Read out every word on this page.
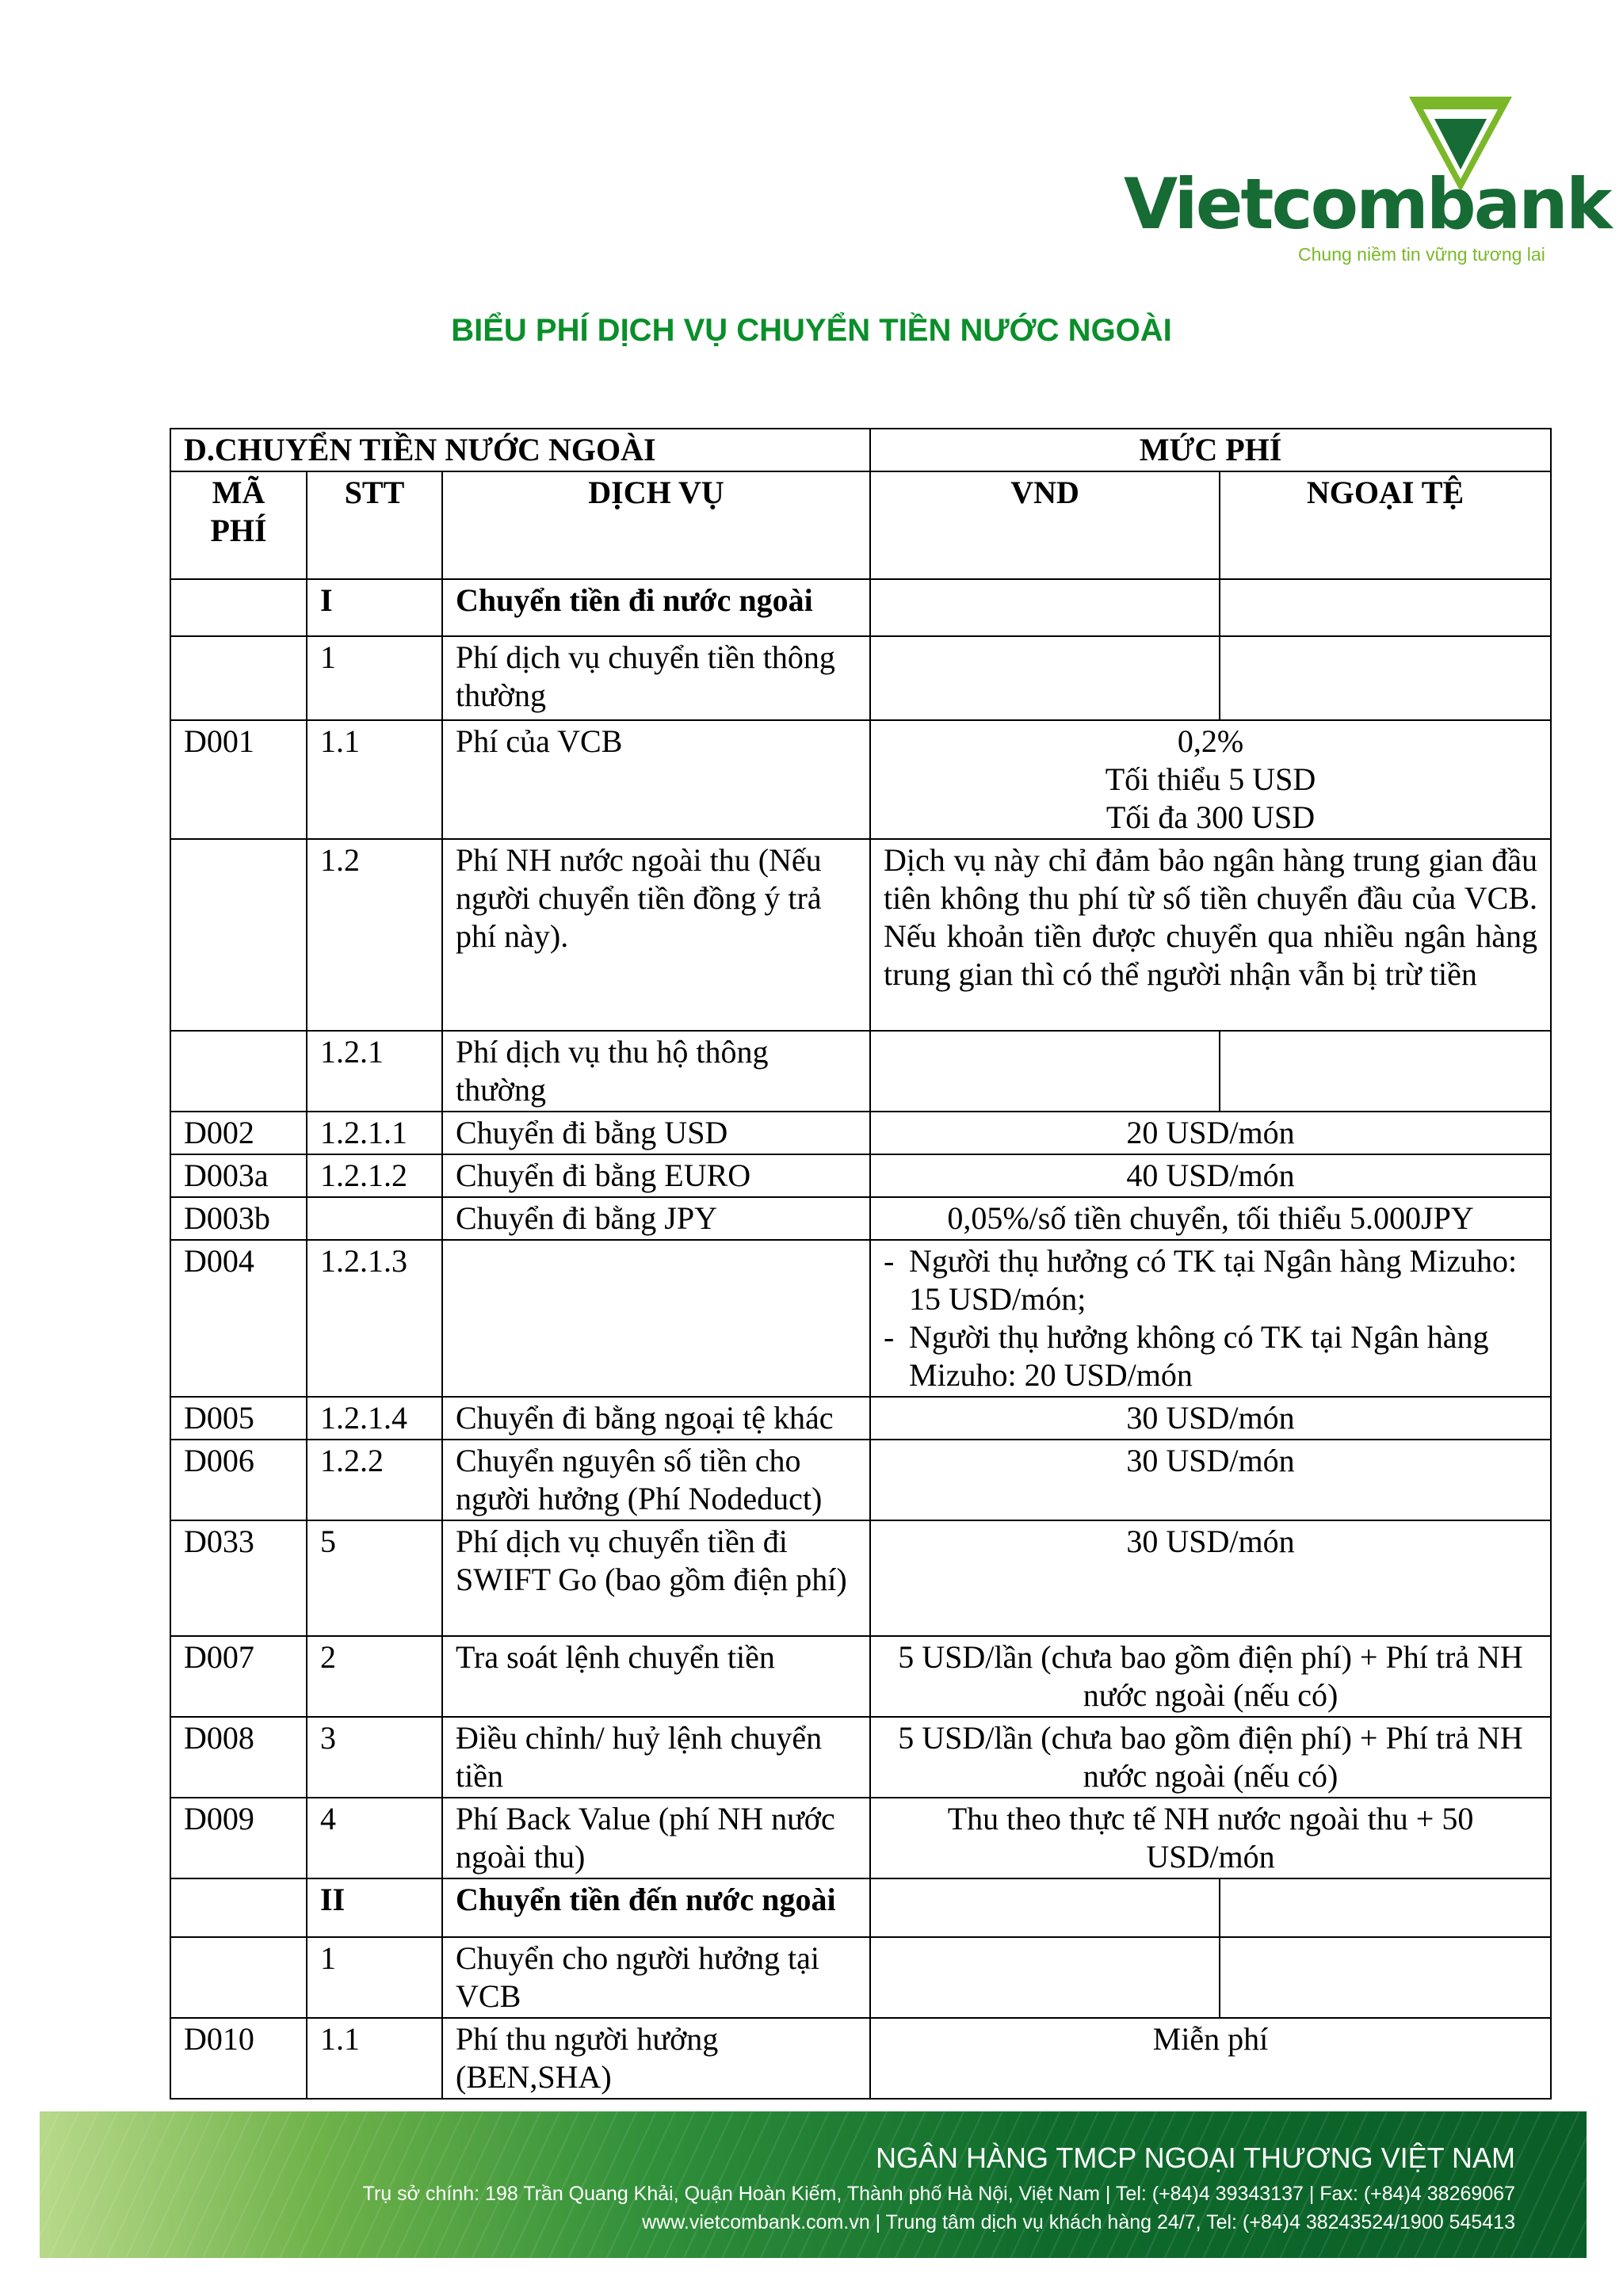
Vietcombank
Chung niềm tin vững tương lai
BIỂU PHÍ DỊCH VỤ CHUYỂN TIỀN NƯỚC NGOÀI
D.CHUYỂN TIỀN NƯỚC NGOÀI			MỨC PHÍ	
MÃ PHÍ	STT	DỊCH VỤ	VND	NGOẠI TỆ
	I	Chuyển tiền đi nước ngoài		
	1	Phí dịch vụ chuyển tiền thông thường		
D001	1.1	Phí của VCB	0,2%
Tối thiểu 5 USD
Tối đa 300 USD	

	1.2	Phí NH nước ngoài thu (Nếu người chuyển tiền đồng ý trả phí này).	Dịch vụ này chỉ đảm bảo ngân hàng trung gian đầu tiên không thu phí từ số tiền chuyển đầu của VCB. Nếu khoản tiền được chuyển qua nhiều ngân hàng trung gian thì có thể người nhận vẫn bị trừ tiền	
	1.2.1	Phí dịch vụ thu hộ thông thường		
D002	1.2.1.1	Chuyển đi bằng USD	20 USD/món	
D003a	1.2.1.2	Chuyển đi bằng EURO	40 USD/món	
D003b		Chuyển đi bằng JPY	0,05%/số tiền chuyển, tối thiểu 5.000JPY	
D004	1.2.1.3		- Người thụ hưởng có TK tại Ngân hàng Mizuho: 15 USD/món;
- Người thụ hưởng không có TK tại Ngân hàng Mizuho: 20 USD/món	

D005	1.2.1.4	Chuyển đi bằng ngoại tệ khác	30 USD/món	
D006	1.2.2	Chuyển nguyên số tiền cho người hưởng (Phí Nodeduct)	30 USD/món	
D033	5	Phí dịch vụ chuyển tiền đi SWIFT Go (bao gồm điện phí)	30 USD/món	
D007	2	Tra soát lệnh chuyển tiền	5 USD/lần (chưa bao gồm điện phí) + Phí trả NH nước ngoài (nếu có)	
D008	3	Điều chỉnh/ huỷ lệnh chuyển tiền	5 USD/lần (chưa bao gồm điện phí) + Phí trả NH nước ngoài (nếu có)	
D009	4	Phí Back Value (phí NH nước ngoài thu)	Thu theo thực tế NH nước ngoài thu + 50 USD/món	
	II	Chuyển tiền đến nước ngoài		
	1	Chuyển cho người hưởng tại VCB		
D010	1.1	Phí thu người hưởng (BEN,SHA)	Miễn phí	
NGÂN HÀNG TMCP NGOẠI THƯƠNG VIỆT NAM
Trụ sở chính: 198 Trần Quang Khải, Quận Hoàn Kiếm, Thành phố Hà Nội, Việt Nam | Tel: (+84)4 39343137 | Fax: (+84)4 38269067
www.vietcombank.com.vn | Trung tâm dịch vụ khách hàng 24/7, Tel: (+84)4 38243524/1900 545413
